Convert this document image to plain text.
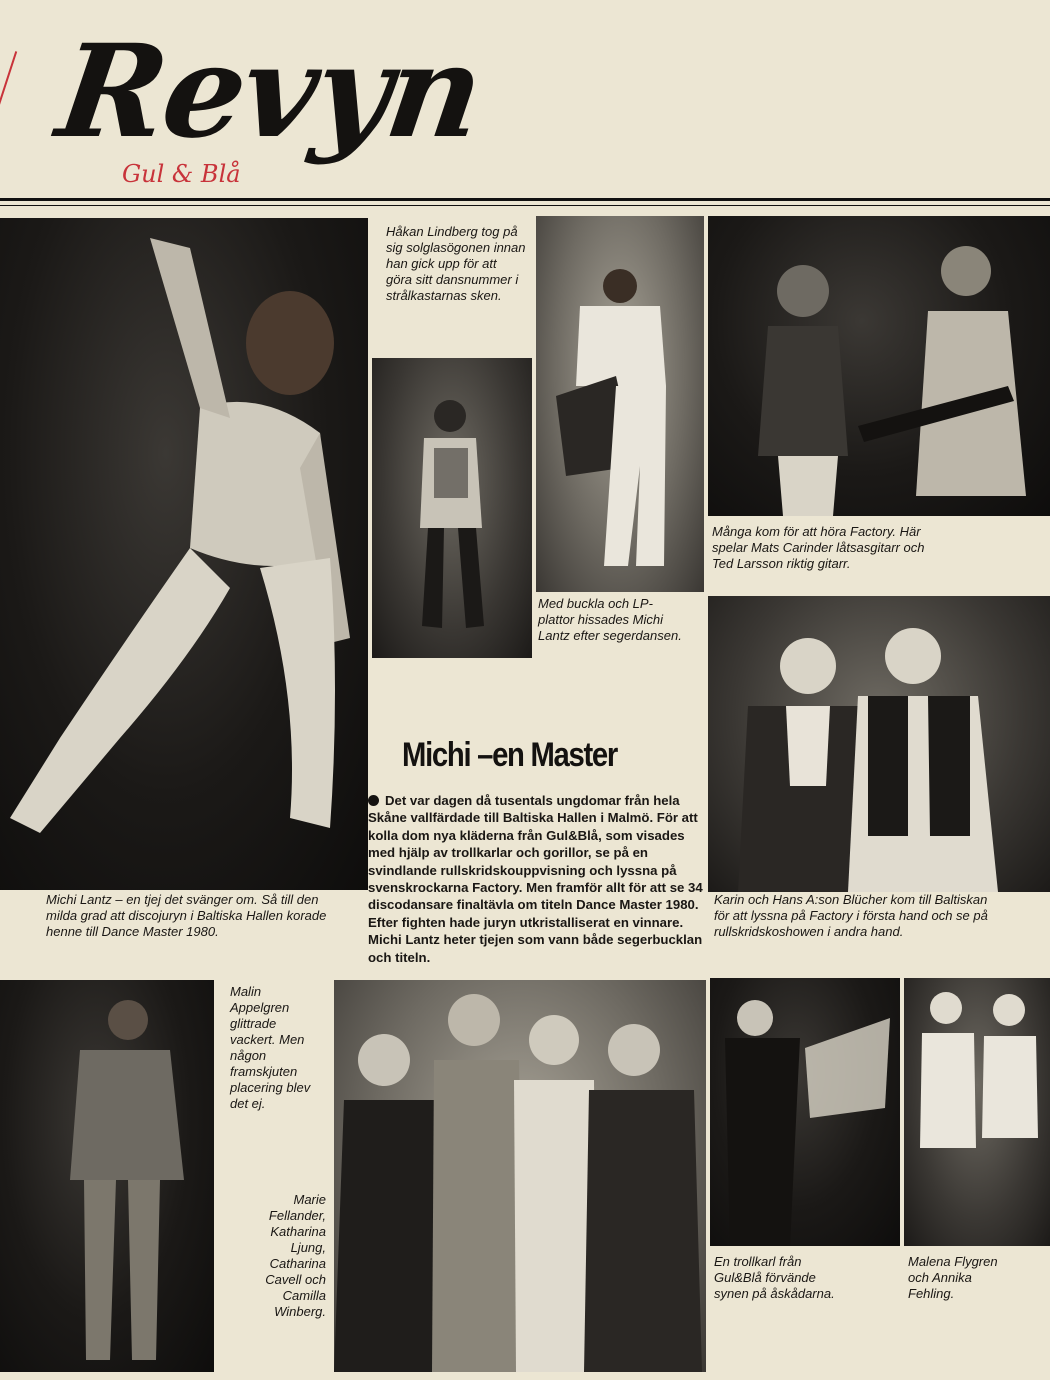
Revyn
Gul & Blå

Håkan Lindberg tog på sig solglasögonen innan han gick upp för att göra sitt dansnummer i strålkastarnas sken.

Många kom för att höra Factory. Här spelar Mats Carinder låtsasgitarr och Ted Larsson riktig gitarr.

Med buckla och LP-plattor hissades Michi Lantz efter segerdansen.

Michi Lantz – en tjej det svänger om. Så till den milda grad att discojuryn i Baltiska Hallen korade henne till Dance Master 1980.

Karin och Hans A:son Blücher kom till Baltiskan för att lyssna på Factory i första hand och se på rullskridskoshowen i andra hand.

Malin Appelgren glittrade vackert. Men någon framskjuten placering blev det ej.

Marie Fellander, Katharina Ljung, Catharina Cavell och Camilla Winberg.

En trollkarl från Gul&Blå förvände synen på åskådarna.

Malena Flygren och Annika Fehling.

Michi –en Master

Det var dagen då tusentals ungdomar från hela Skåne vallfärdade till Baltiska Hallen i Malmö. För att kolla dom nya kläderna från Gul&Blå, som visades med hjälp av trollkarlar och gorillor, se på en svindlande rullskridskouppvisning och lyssna på svenskrockarna Factory. Men framför allt för att se 34 discodansare finaltävla om titeln Dance Master 1980. Efter fighten hade juryn utkristalliserat en vinnare. Michi Lantz heter tjejen som vann både segerbucklan och titeln.
